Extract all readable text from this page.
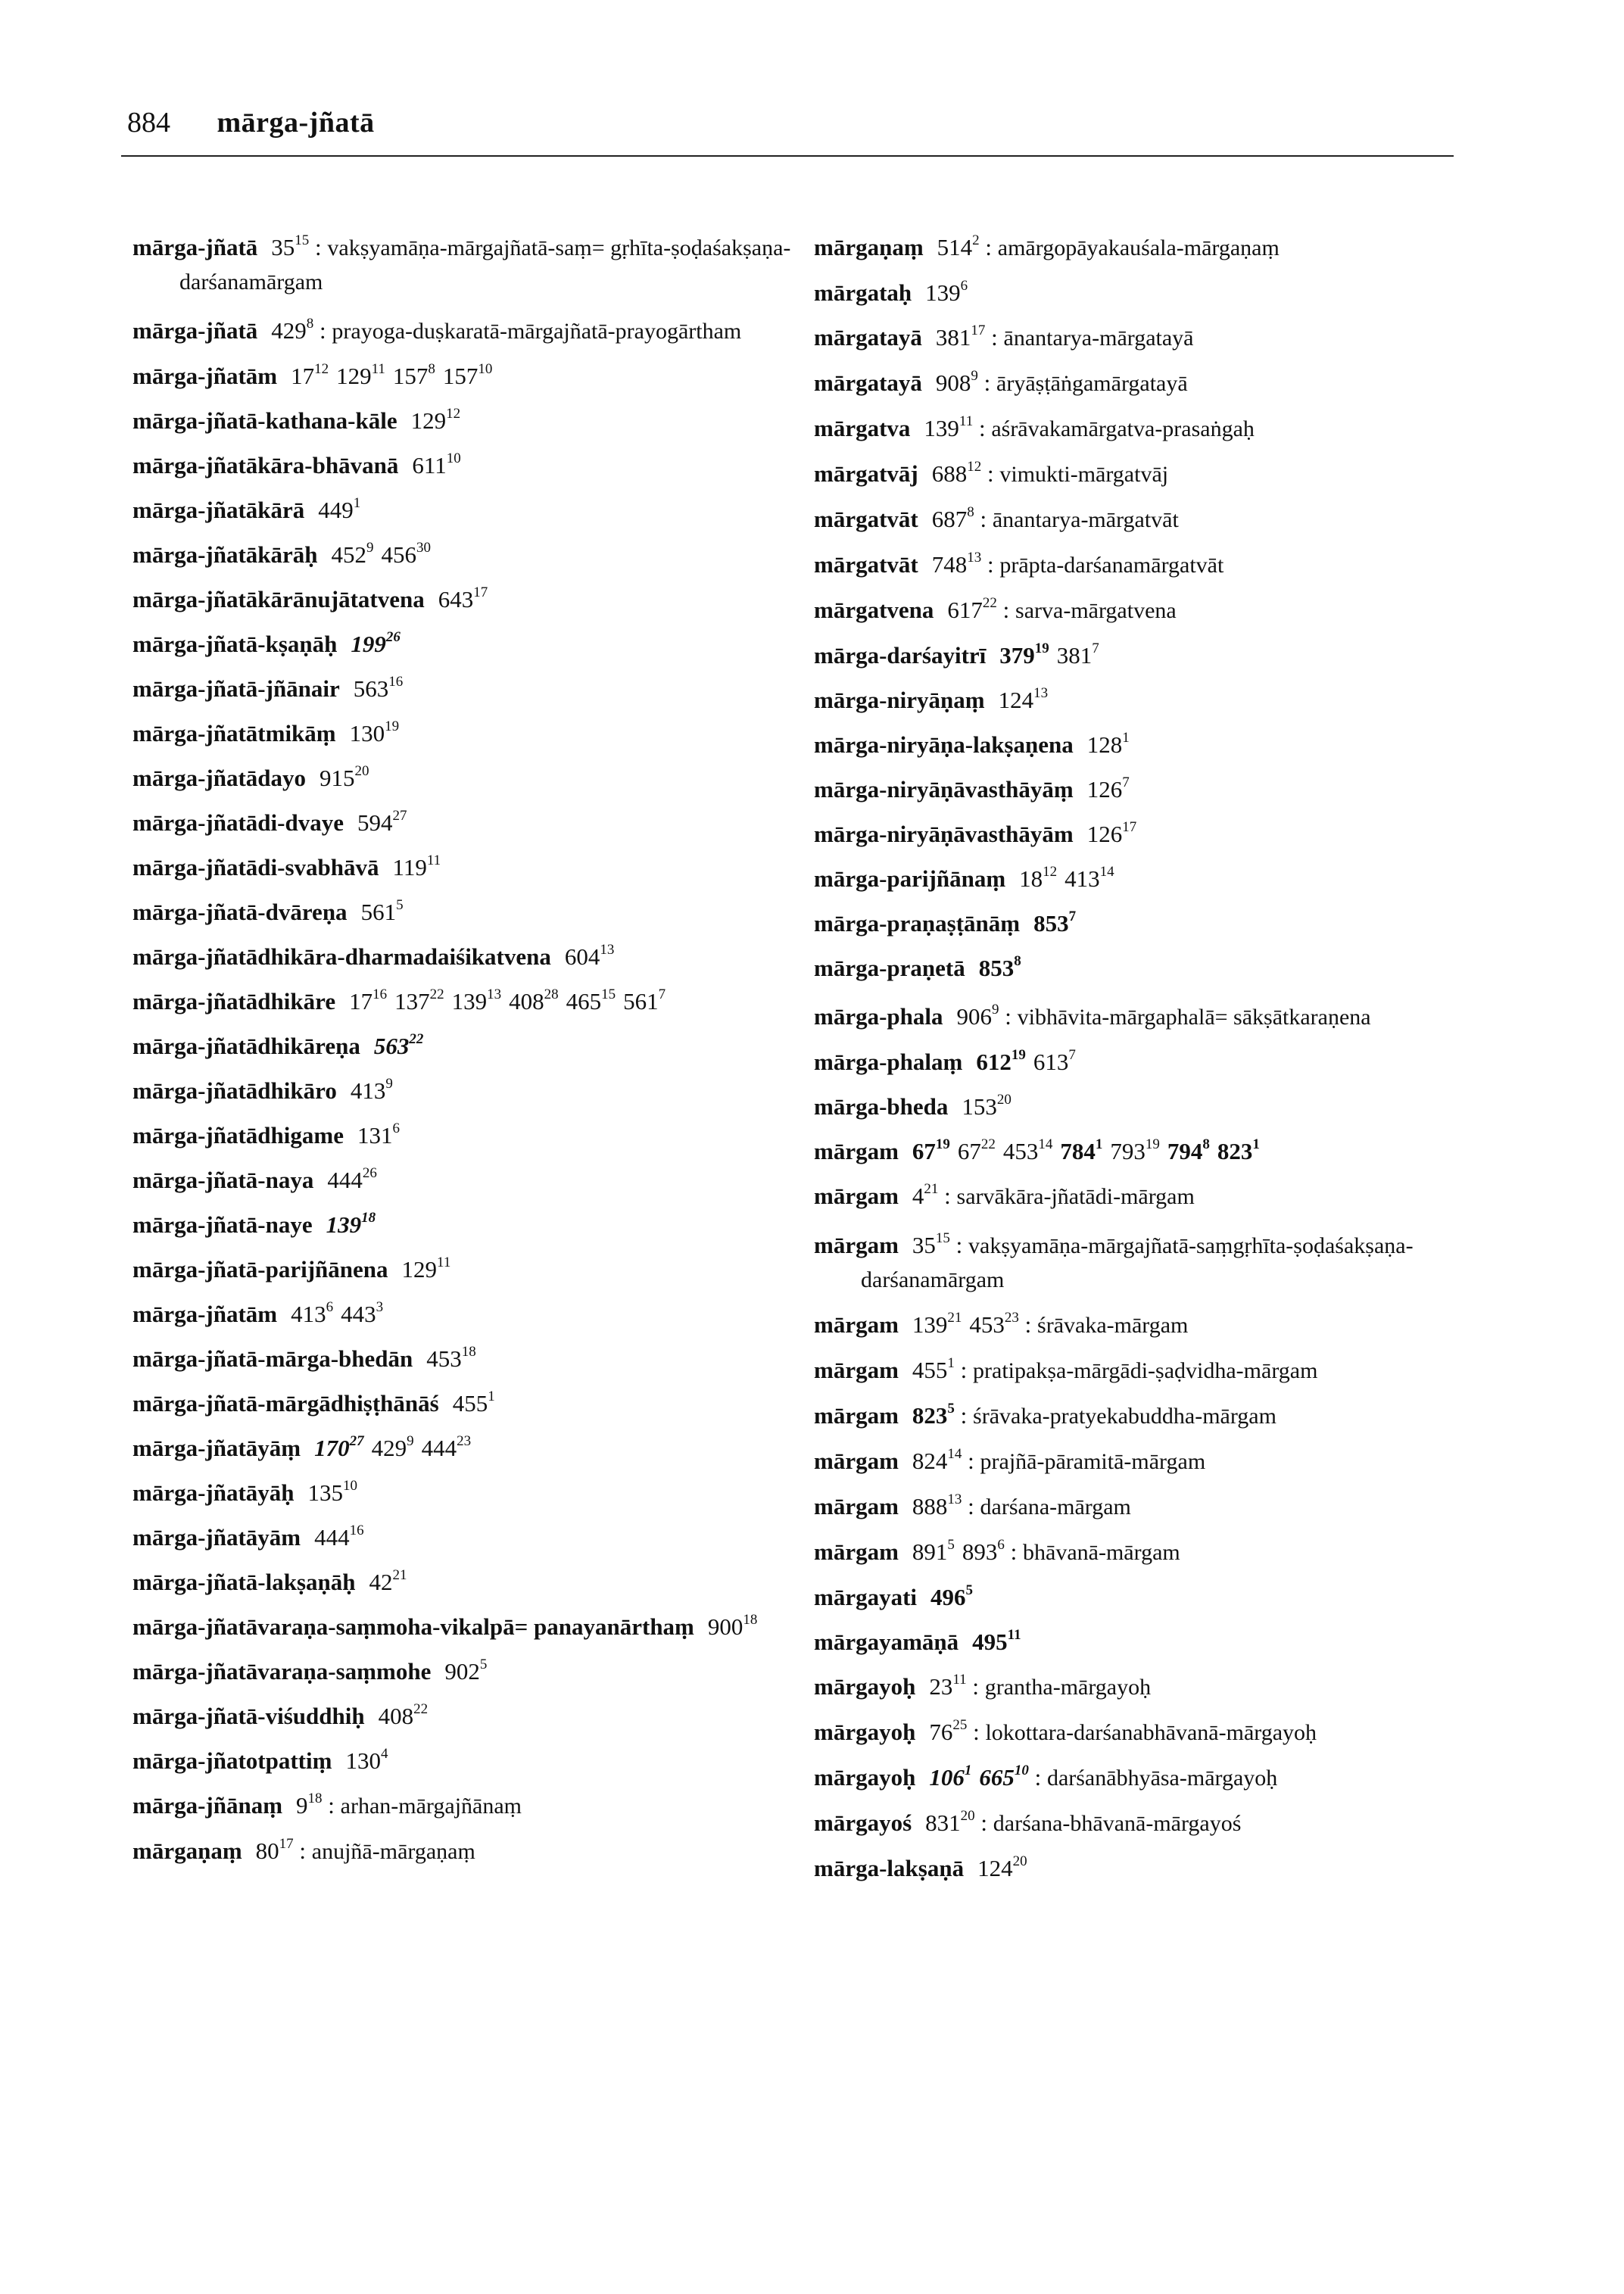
884 mārga-jñatā
mārga-jñatā $35^{15}$ : vakṣyamāṇa-mārgajñatā-saṃ= gṛhīta-ṣoḍaśakṣaṇa-darśanamārgam
mārga-jñatā $429^8$ : prayoga-duṣkaratā-mārgajñatā-prayogārtham
mārga-jñatām $17^{12}$ $129^{11}$ $157^8$ $157^{10}$
mārga-jñatā-kathana-kāle $129^{12}$
mārga-jñatākāra-bhāvanā $611^{10}$
mārga-jñatākārā $449^1$
mārga-jñatākārāḥ $452^9$ $456^{30}$
mārga-jñatākārānujātatvena $643^{17}$
mārga-jñatā-kṣaṇāḥ $199^{26}$
mārga-jñatā-jñānair $563^{16}$
mārga-jñatātmikāṃ $130^{19}$
mārga-jñatādayo $915^{20}$
mārga-jñatādi-dvaye $594^{27}$
mārga-jñatādi-svabhāvā $119^{11}$
mārga-jñatā-dvāreṇa $561^5$
mārga-jñatādhikāra-dharmadaiśikatvena $604^{13}$
mārga-jñatādhikāre $17^{16}$ $137^{22}$ $139^{13}$ $408^{28}$ $465^{15}$ $561^7$
mārga-jñatādhikāreṇa $563^{22}$
mārga-jñatādhikāro $413^9$
mārga-jñatādhigame $131^6$
mārga-jñatā-naya $444^{26}$
mārga-jñatā-naye $139^{18}$
mārga-jñatā-parijñānena $129^{11}$
mārga-jñatām $413^6$ $443^3$
mārga-jñatā-mārga-bhedān $453^{18}$
mārga-jñatā-mārgādhiṣṭhānāś $455^1$
mārga-jñatāyāṃ $170^{27}$ $429^9$ $444^{23}$
mārga-jñatāyāḥ $135^{10}$
mārga-jñatāyām $444^{16}$
mārga-jñatā-lakṣaṇāḥ $42^{21}$
mārga-jñatāvaraṇa-saṃmoha-vikalpā= panayanārthaṃ $900^{18}$
mārga-jñatāvaraṇa-saṃmohe $902^5$
mārga-jñatā-viśuddhiḥ $408^{22}$
mārga-jñatotpattiṃ $130^4$
mārga-jñānaṃ $9^{18}$ : arhan-mārgajñānaṃ
mārgaṇaṃ $80^{17}$ : anujñā-mārgaṇaṃ
mārgaṇaṃ $514^2$ : amārgopāyakauśala-mārgaṇaṃ
mārgataḥ $139^6$
mārgatayā $381^{17}$ : ānantarya-mārgatayā
mārgatayā $908^9$ : āryāṣṭāṅgamārgatayā
mārgatva $139^{11}$ : aśrāvakamārgatva-prasaṅgaḥ
mārgatvāj $688^{12}$ : vimukti-mārgatvāj
mārgatvāt $687^8$ : ānantarya-mārgatvāt
mārgatvāt $748^{13}$ : prāpta-darśanamārgatvāt
mārgatvena $617^{22}$ : sarva-mārgatvena
mārga-darśayitrī $379^{19}$ $381^7$
mārga-niryāṇaṃ $124^{13}$
mārga-niryāṇa-lakṣaṇena $128^1$
mārga-niryāṇāvasthāyāṃ $126^7$
mārga-niryāṇāvasthāyām $126^{17}$
mārga-parijñānaṃ $18^{12}$ $413^{14}$
mārga-praṇaṣṭānāṃ $853^7$
mārga-praṇetā $853^8$
mārga-phala $906^9$ : vibhāvita-mārgaphalā= sākṣātkaraṇena
mārga-phalaṃ $612^{19}$ $613^7$
mārga-bheda $153^{20}$
mārgam $67^{19}$ $67^{22}$ $453^{14}$ $784^1$ $793^{19}$ $794^8$ $823^1$
mārgam $4^{21}$ : sarvākāra-jñatādi-mārgam
mārgam $35^{15}$ : vakṣyamāṇa-mārgajñatā-saṃgṛhīta-ṣoḍaśakṣaṇa-darśanamārgam
mārgam $139^{21}$ $453^{23}$ : śrāvaka-mārgam
mārgam $455^1$ : pratipakṣa-mārgādi-ṣaḍvidha-mārgam
mārgam $823^5$ : śrāvaka-pratyekabuddha-mārgam
mārgam $824^{14}$ : prajñā-pāramitā-mārgam
mārgam $888^{13}$ : darśana-mārgam
mārgam $891^5$ $893^6$ : bhāvanā-mārgam
mārgayati $496^5$
mārgayamāṇā $495^{11}$
mārgayoḥ $23^{11}$ : grantha-mārgayoḥ
mārgayoḥ $76^{25}$ : lokottara-darśanabhāvanā-mārgayoḥ
mārgayoḥ $106^1$ $665^{10}$ : darśanābhyāsa-mārgayoḥ
mārgayoś $831^{20}$ : darśana-bhāvanā-mārgayoś
mārga-lakṣaṇā $124^{20}$
